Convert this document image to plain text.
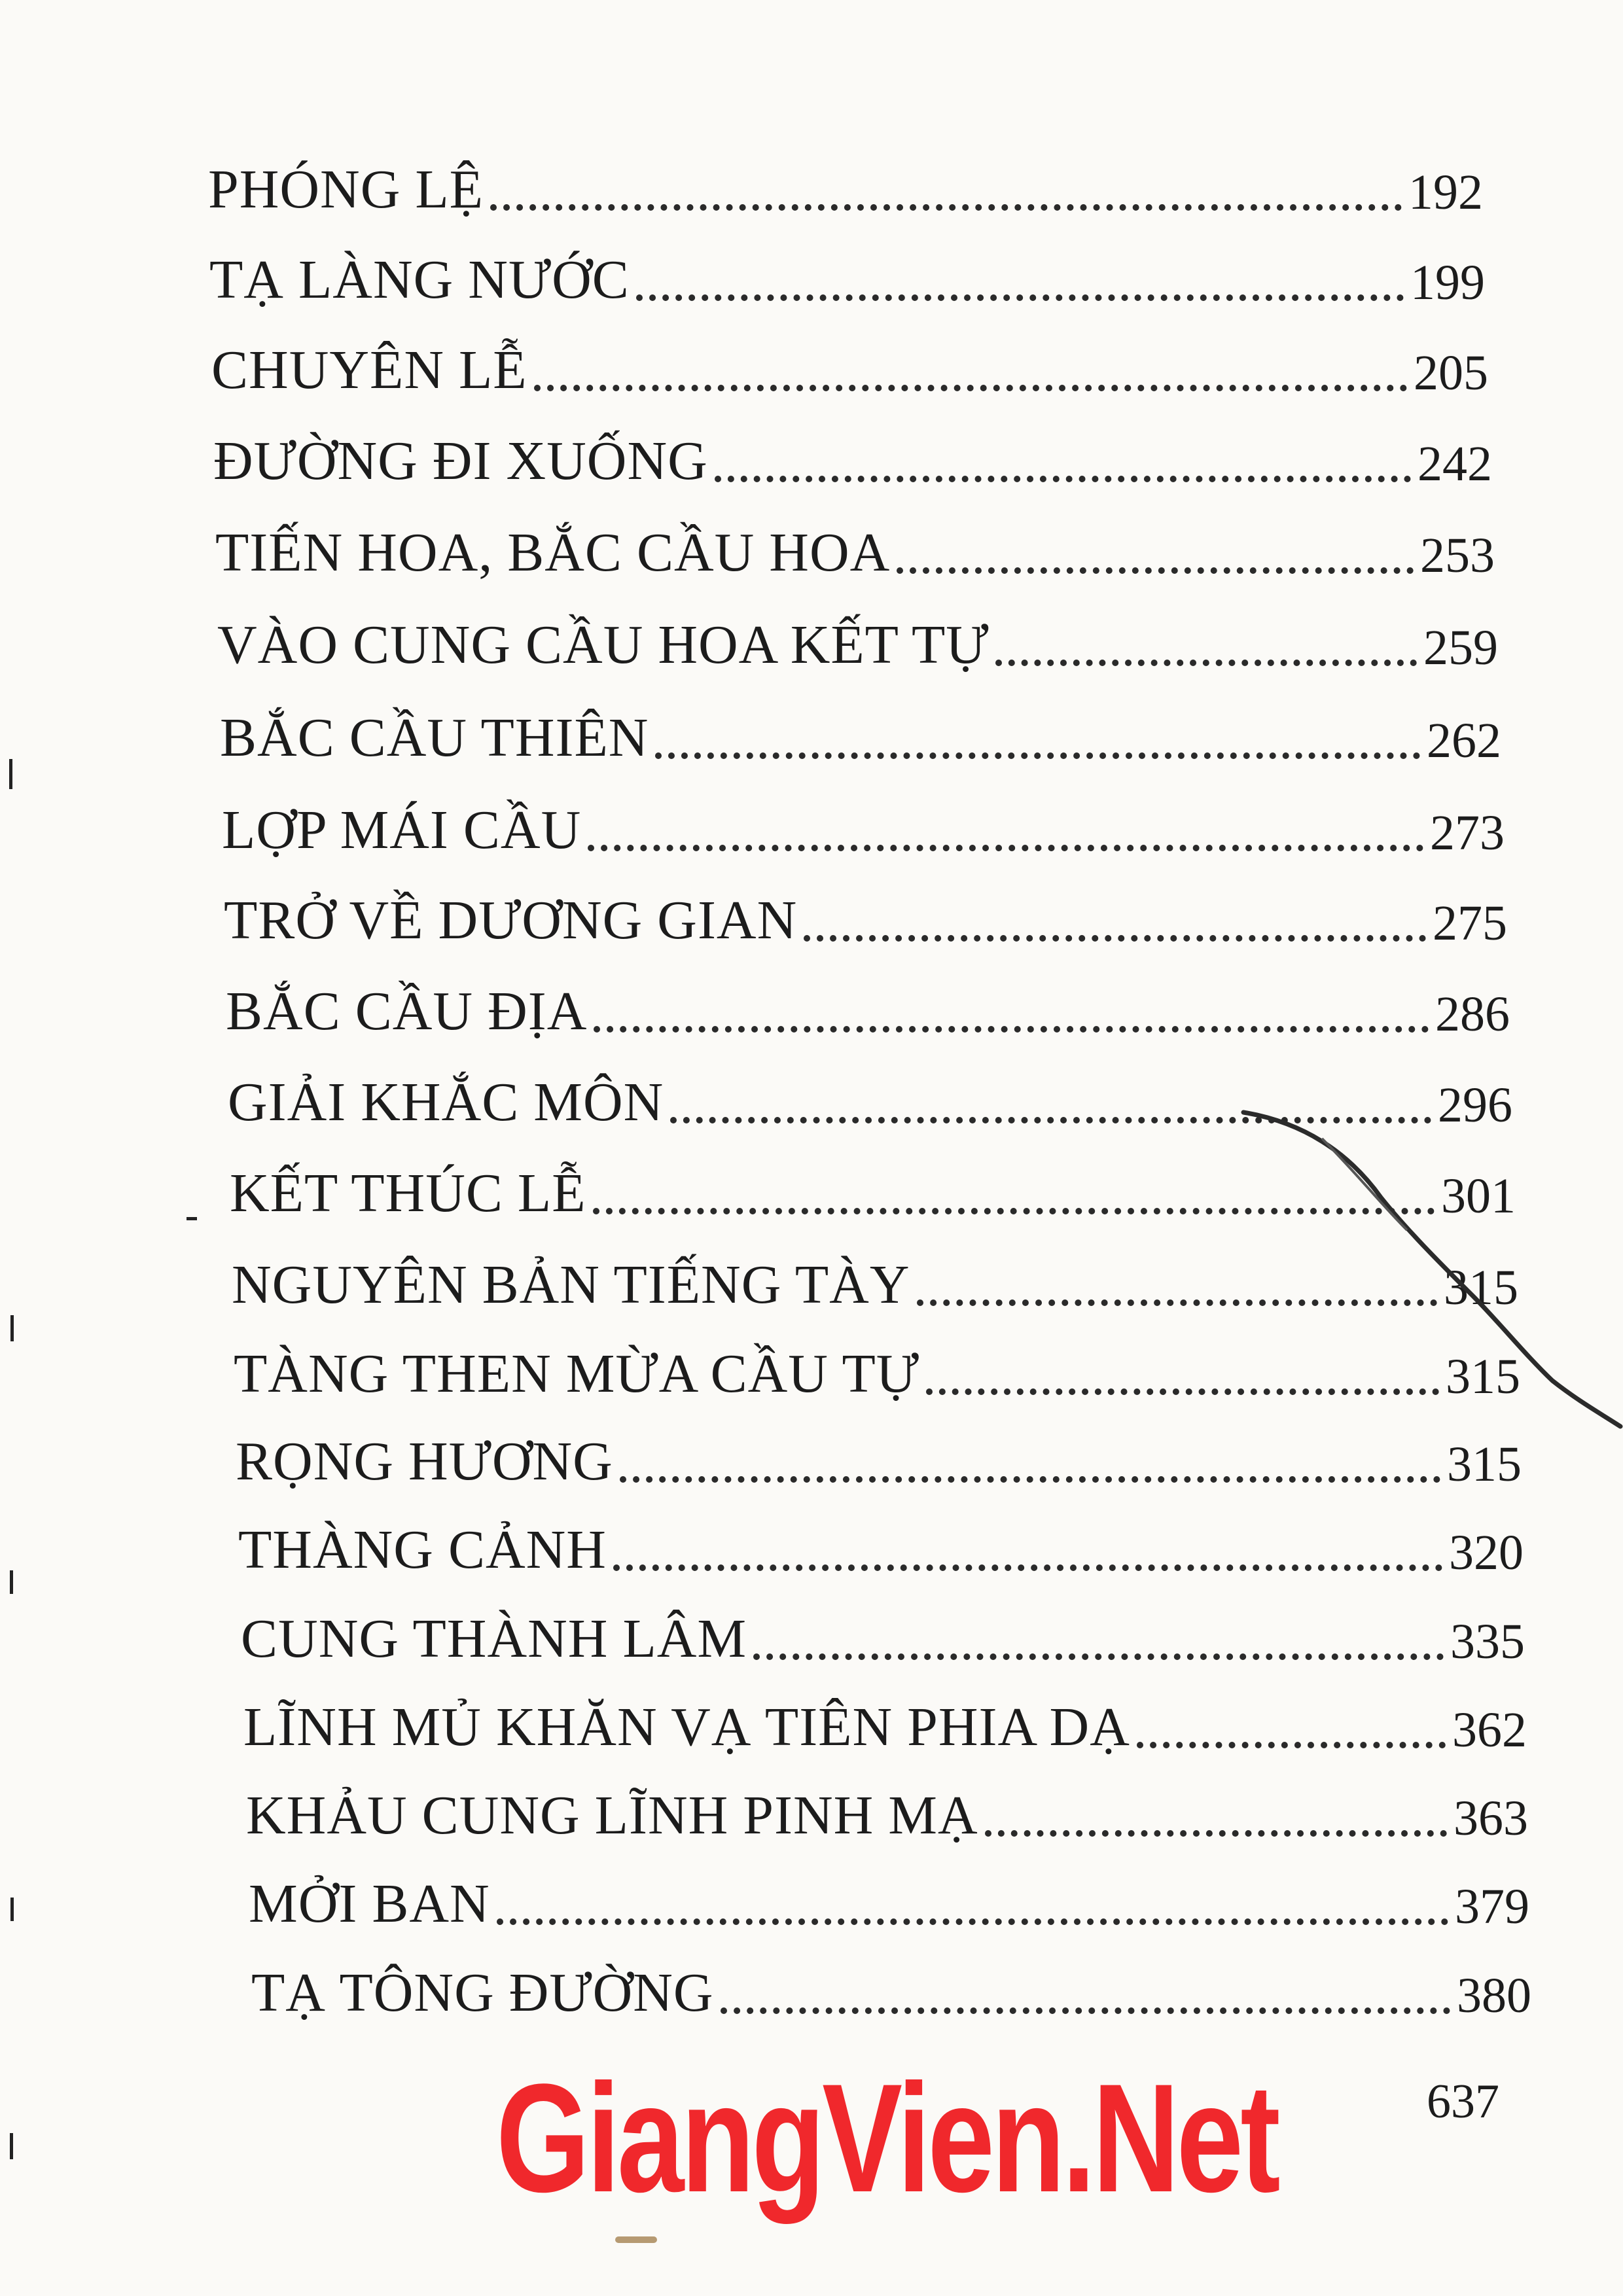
PHÓNG LỆ	192
TẠ LÀNG NƯỚC	199
CHUYÊN LỄ	205
ĐƯỜNG ĐI XUỐNG	242
TIẾN HOA, BẮC CẦU HOA	253
VÀO CUNG CẦU HOA KẾT TỰ	259
BẮC CẦU THIÊN	262
LỢP MÁI CẦU	273
TRỞ VỀ DƯƠNG GIAN	275
BẮC CẦU ĐỊA	286
GIẢI KHẮC MÔN	296
KẾT THÚC LỄ	301
NGUYÊN BẢN TIẾNG TÀY	315
TÀNG THEN MỪA CẦU TỰ	315
RỌNG HƯƠNG	315
THÀNG CẢNH	320
CUNG THÀNH LÂM	335
LĨNH MỦ KHĂN VẠ TIÊN PHIA DẠ	362
KHẢU CUNG LĨNH PINH MẠ	363
MỞI BAN	379
TẠ TÔNG ĐƯỜNG	380
637
GiangVien.Net
